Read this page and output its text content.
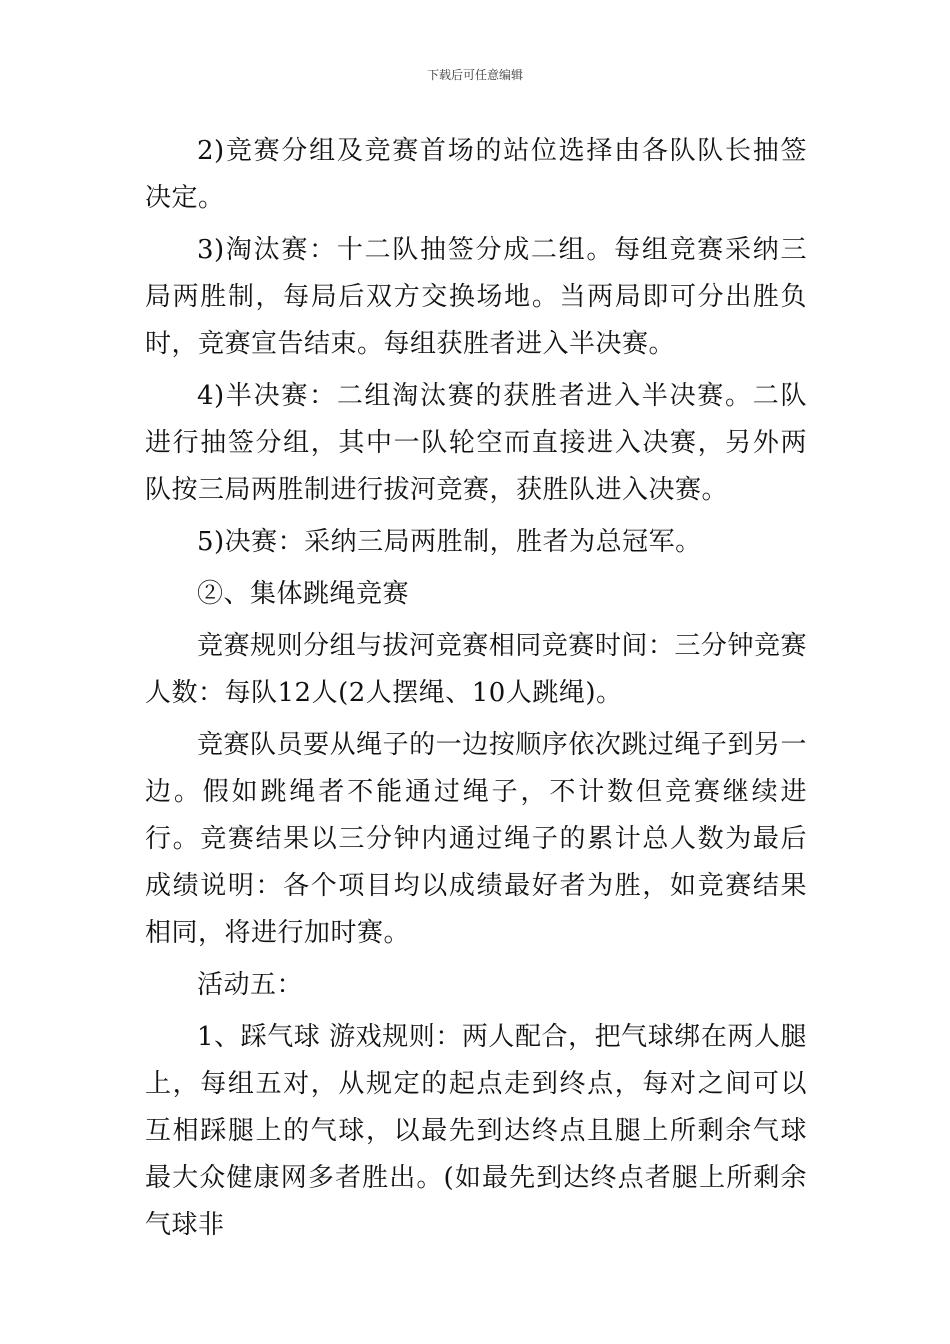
下载后可任意编辑

2)竞赛分组及竞赛首场的站位选择由各队队长抽签决定。

3)淘汰赛：十二队抽签分成二组。每组竞赛采纳三局两胜制，每局后双方交换场地。当两局即可分出胜负时，竞赛宣告结束。每组获胜者进入半决赛。

4)半决赛：二组淘汰赛的获胜者进入半决赛。二队进行抽签分组，其中一队轮空而直接进入决赛，另外两队按三局两胜制进行拔河竞赛，获胜队进入决赛。

5)决赛：采纳三局两胜制，胜者为总冠军。

②、集体跳绳竞赛

竞赛规则分组与拔河竞赛相同竞赛时间：三分钟竞赛人数：每队12人(2人摆绳、10人跳绳)。

竞赛队员要从绳子的一边按顺序依次跳过绳子到另一边。假如跳绳者不能通过绳子，不计数但竞赛继续进行。竞赛结果以三分钟内通过绳子的累计总人数为最后成绩说明：各个项目均以成绩最好者为胜，如竞赛结果相同，将进行加时赛。

活动五：

1、踩气球 游戏规则：两人配合，把气球绑在两人腿上，每组五对，从规定的起点走到终点，每对之间可以互相踩腿上的气球，以最先到达终点且腿上所剩余气球最大众健康网多者胜出。(如最先到达终点者腿上所剩余气球非
